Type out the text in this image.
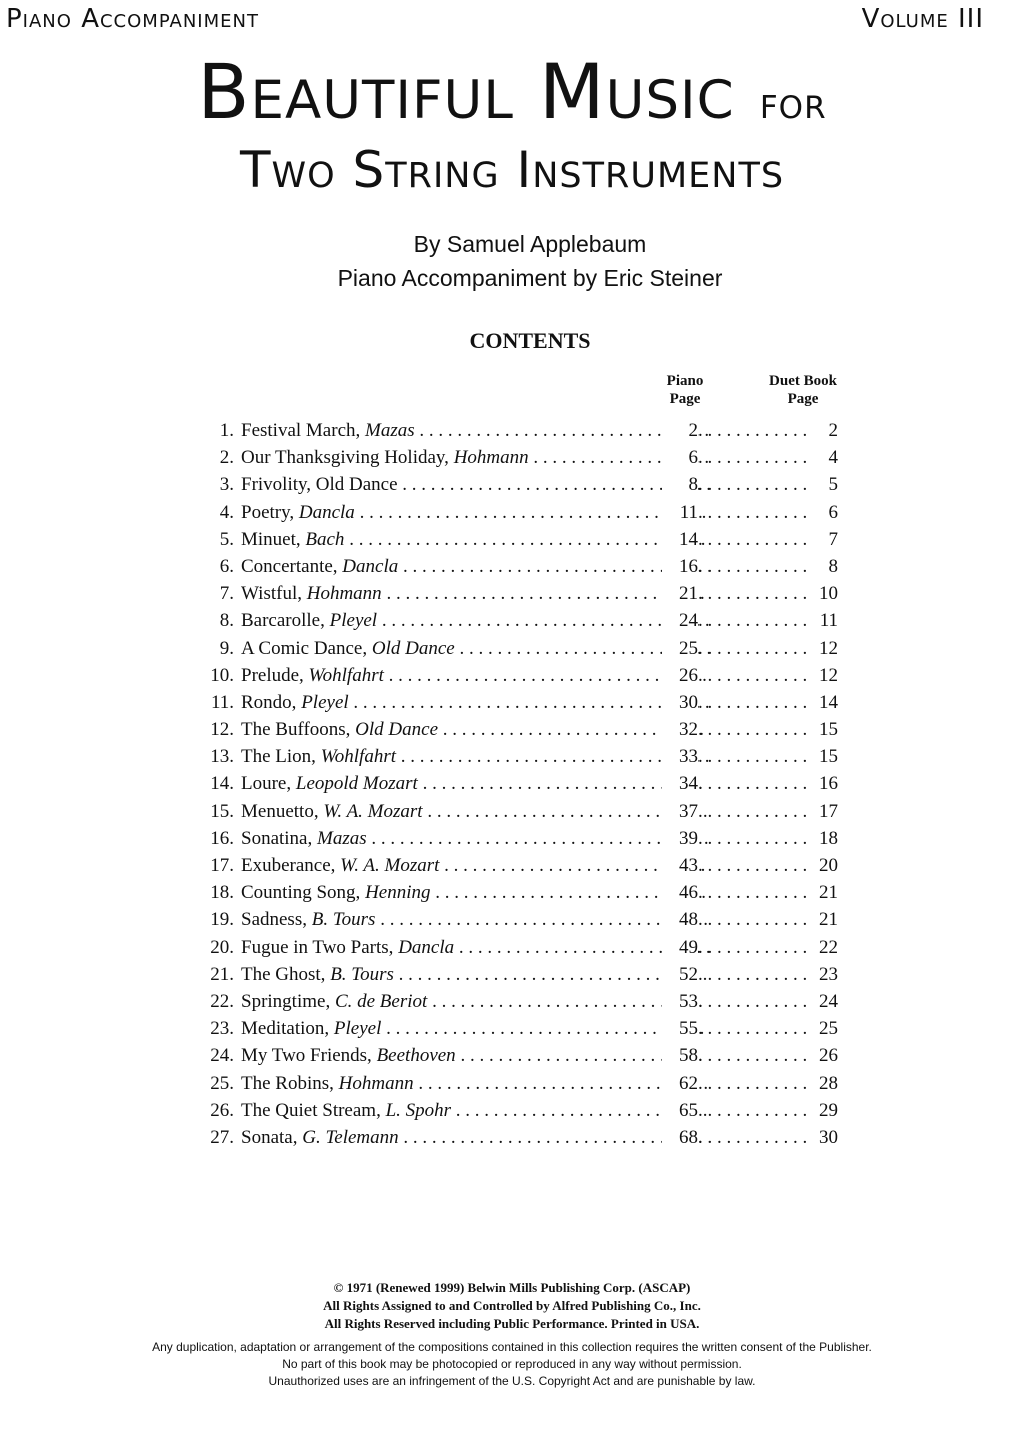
Piano Accompaniment	Volume III
Beautiful Music for
Two String Instruments
By Samuel Applebaum
Piano Accompaniment by Eric Steiner
CONTENTS
Piano
Page
Duet Book
Page
1. Festival March, Mazas . . .	2 . . .	2
2. Our Thanksgiving Holiday, Hohmann . . .	6 . . .	4
3. Frivolity, Old Dance . . .	8 . . .	5
4. Poetry, Dancla . . .	11 . . .	6
5. Minuet, Bach . . .	14 . . .	7
6. Concertante, Dancla . . .	16 . . .	8
7. Wistful, Hohmann . . .	21 . . .	10
8. Barcarolle, Pleyel . . .	24 . . .	11
9. A Comic Dance, Old Dance . . .	25 . . .	12
10. Prelude, Wohlfahrt . . .	26 . . .	12
11. Rondo, Pleyel . . .	30 . . .	14
12. The Buffoons, Old Dance . . .	32 . . .	15
13. The Lion, Wohlfahrt . . .	33 . . .	15
14. Loure, Leopold Mozart . . .	34 . . .	16
15. Menuetto, W. A. Mozart . . .	37 . . .	17
16. Sonatina, Mazas . . .	39 . . .	18
17. Exuberance, W. A. Mozart . . .	43 . . .	20
18. Counting Song, Henning . . .	46 . . .	21
19. Sadness, B. Tours . . .	48 . . .	21
20. Fugue in Two Parts, Dancla . . .	49 . . .	22
21. The Ghost, B. Tours . . .	52 . . .	23
22. Springtime, C. de Beriot . . .	53 . . .	24
23. Meditation, Pleyel . . .	55 . . .	25
24. My Two Friends, Beethoven . . .	58 . . .	26
25. The Robins, Hohmann . . .	62 . . .	28
26. The Quiet Stream, L. Spohr . . .	65 . . .	29
27. Sonata, G. Telemann . . .	68 . . .	30
© 1971 (Renewed 1999) Belwin Mills Publishing Corp. (ASCAP)
All Rights Assigned to and Controlled by Alfred Publishing Co., Inc.
All Rights Reserved including Public Performance. Printed in USA.
Any duplication, adaptation or arrangement of the compositions contained in this collection requires the written consent of the Publisher.
No part of this book may be photocopied or reproduced in any way without permission.
Unauthorized uses are an infringement of the U.S. Copyright Act and are punishable by law.
